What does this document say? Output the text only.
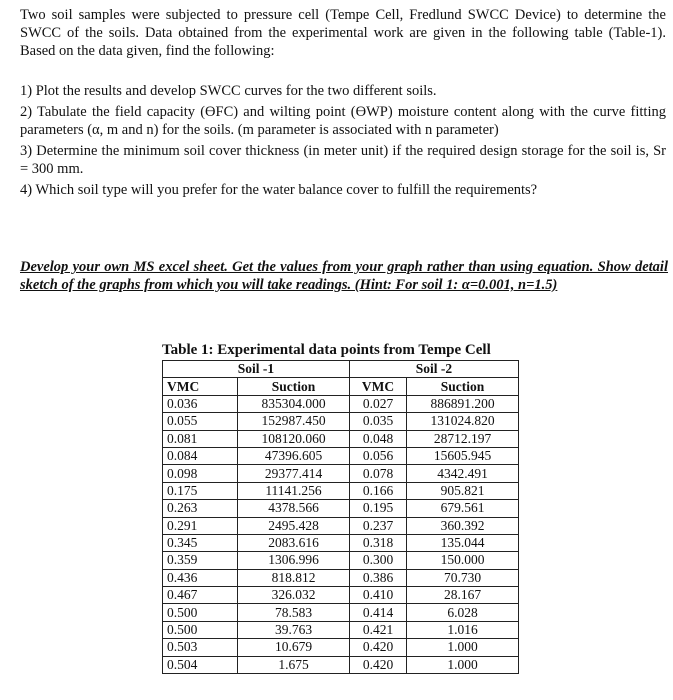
Two soil samples were subjected to pressure cell (Tempe Cell, Fredlund SWCC Device) to determine the SWCC of the soils. Data obtained from the experimental work are given in the following table (Table-1). Based on the data given, find the following:

1) Plot the results and develop SWCC curves for the two different soils.

2) Tabulate the field capacity (ϴFC) and wilting point (ϴWP) moisture content along with the curve fitting parameters (α, m and n) for the soils. (m parameter is associated with n parameter)

3) Determine the minimum soil cover thickness (in meter unit) if the required design storage for the soil is, Sr = 300 mm.

4) Which soil type will you prefer for the water balance cover to fulfill the requirements?

Develop your own MS excel sheet. Get the values from your graph rather than using equation. Show detail sketch of the graphs from which you will take readings. (Hint: For soil 1: α=0.001, n=1.5)
Table 1: Experimental data points from Tempe Cell
Soil -1		Soil -2	
VMC	Suction	VMC	Suction
0.036	835304.000	0.027	886891.200
0.055	152987.450	0.035	131024.820
0.081	108120.060	0.048	28712.197
0.084	47396.605	0.056	15605.945
0.098	29377.414	0.078	4342.491
0.175	11141.256	0.166	905.821
0.263	4378.566	0.195	679.561
0.291	2495.428	0.237	360.392
0.345	2083.616	0.318	135.044
0.359	1306.996	0.300	150.000
0.436	818.812	0.386	70.730
0.467	326.032	0.410	28.167
0.500	78.583	0.414	6.028
0.500	39.763	0.421	1.016
0.503	10.679	0.420	1.000
0.504	1.675	0.420	1.000
